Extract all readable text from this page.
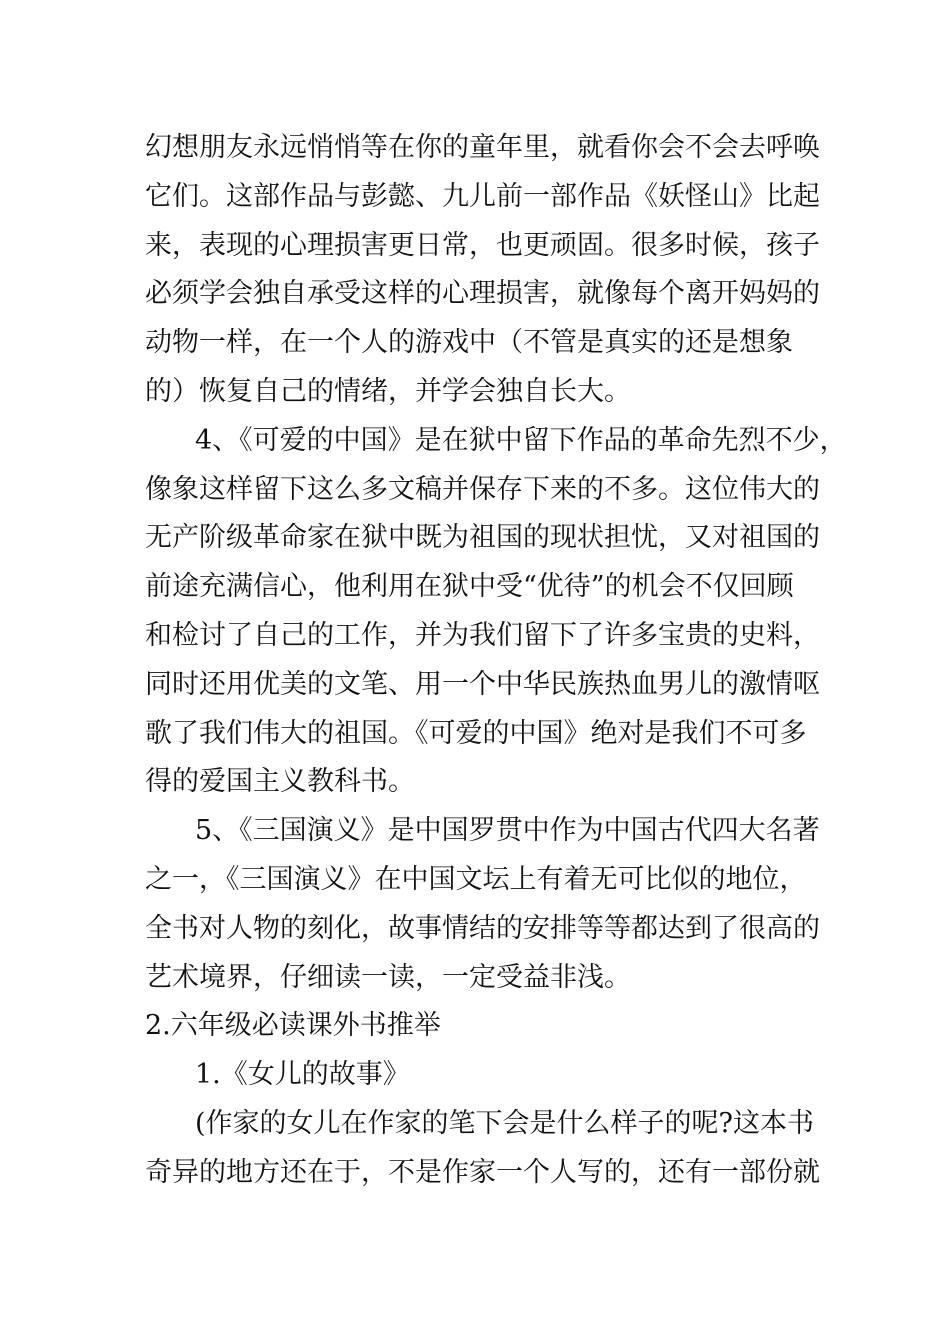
幻想朋友永远悄悄等在你的童年里，就看你会不会去呼唤
它们。这部作品与彭懿、九儿前一部作品《妖怪山》比起
来，表现的心理损害更日常，也更顽固。很多时候，孩子
必须学会独自承受这样的心理损害，就像每个离开妈妈的
动物一样，在一个人的游戏中（不管是真实的还是想象
的）恢复自己的情绪，并学会独自长大。
4、《可爱的中国》是在狱中留下作品的革命先烈不少，
像象这样留下这么多文稿并保存下来的不多。这位伟大的
无产阶级革命家在狱中既为祖国的现状担忧，又对祖国的
前途充满信心，他利用在狱中受“优待”的机会不仅回顾
和检讨了自己的工作，并为我们留下了许多宝贵的史料，
同时还用优美的文笔、用一个中华民族热血男儿的激情呕
歌了我们伟大的祖国。《可爱的中国》绝对是我们不可多
得的爱国主义教科书。
5、《三国演义》是中国罗贯中作为中国古代四大名著
之一，《三国演义》在中国文坛上有着无可比似的地位，
全书对人物的刻化，故事情结的安排等等都达到了很高的
艺术境界，仔细读一读，一定受益非浅。
2.六年级必读课外书推举
1.《女儿的故事》
(作家的女儿在作家的笔下会是什么样子的呢?这本书
奇异的地方还在于，不是作家一个人写的，还有一部份就
